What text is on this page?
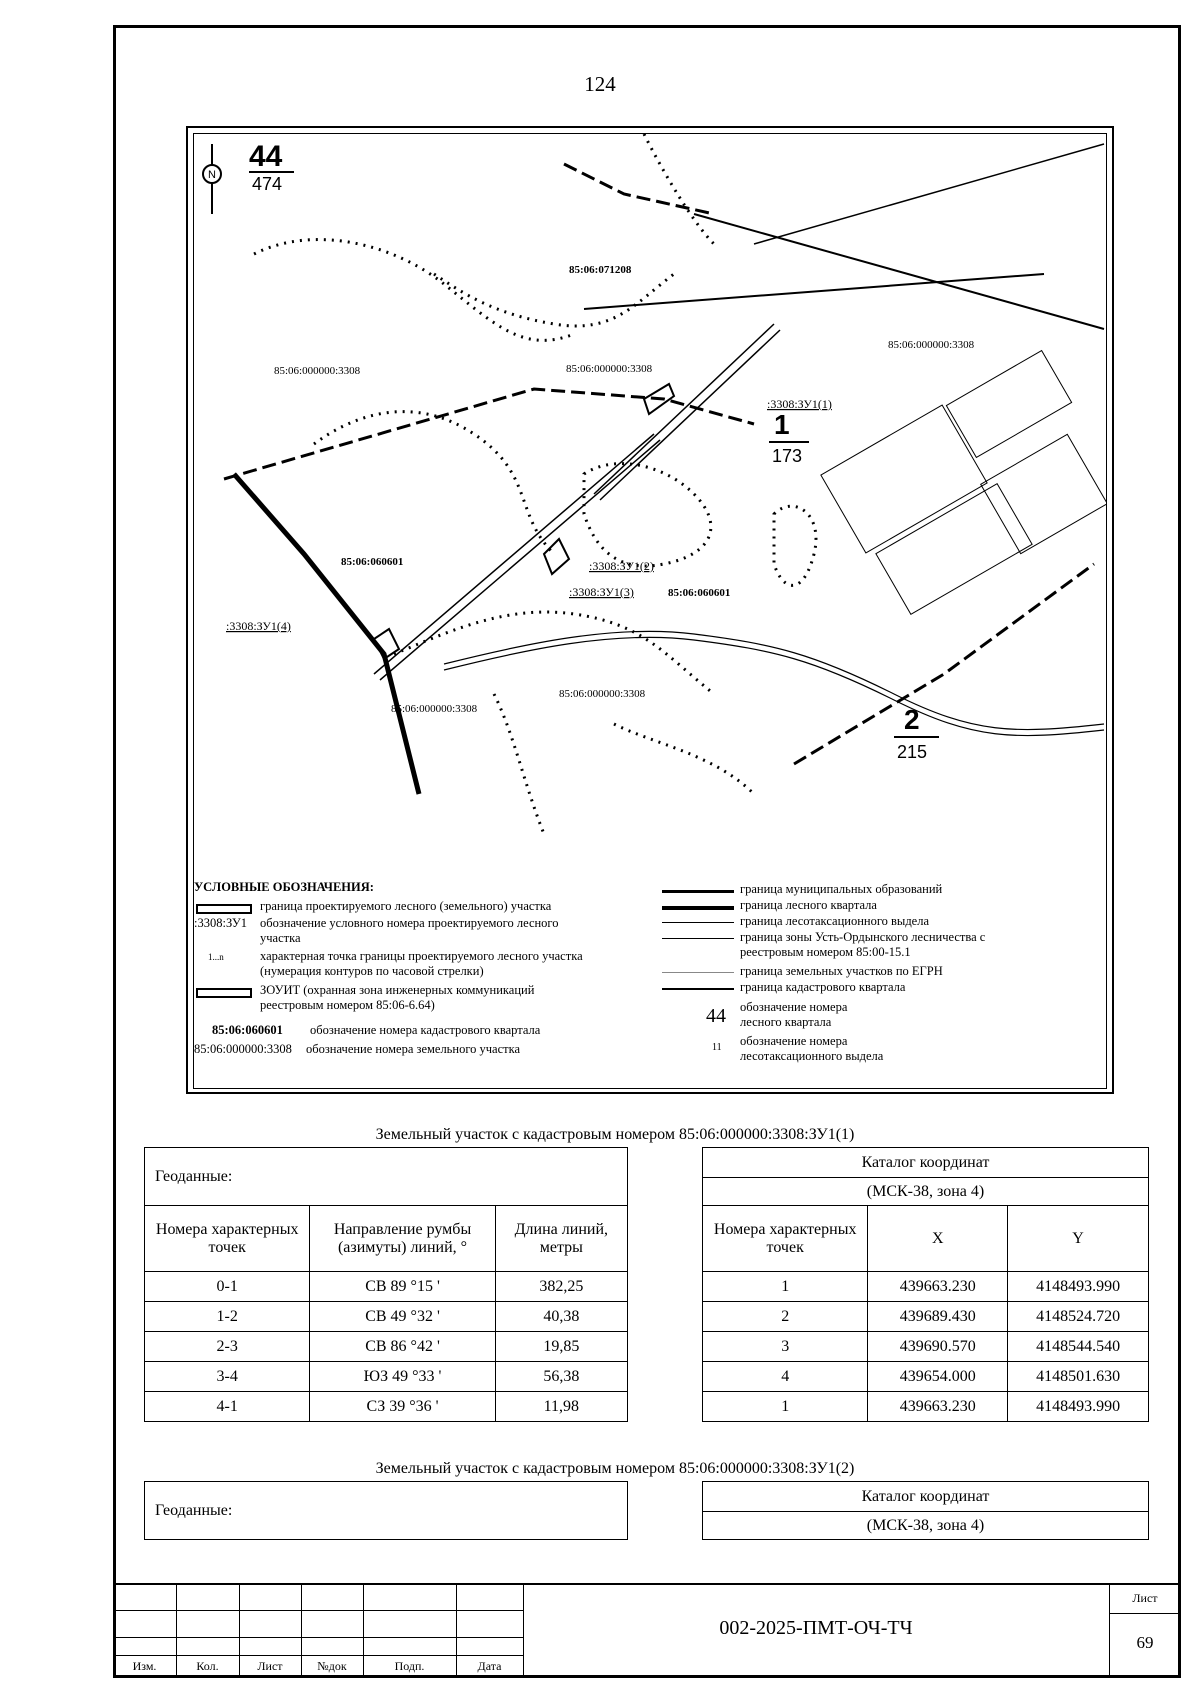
124
N
44
474
1
173
2
215
85:06:071208
85:06:000000:3308	85:06:000000:3308
85:06:000000:3308
85:06:000000:3308
85:06:000000:3308
85:06:060601
85:06:060601
:3308:ЗУ1(1)
:3308:ЗУ1(2)
:3308:ЗУ1(3)
:3308:ЗУ1(4)
УСЛОВНЫЕ ОБОЗНАЧЕНИЯ:
граница проектируемого лесного (земельного) участка
:3308:ЗУ1 обозначение условного номера проектируемого лесного участка
1...n	характерная точка границы проектируемого лесного участка (нумерация контуров по часовой стрелки)
ЗОУИТ (охранная зона инженерных коммуникаций реестровым номером 85:06-6.64)
85:06:060601 обозначение номера кадастрового квартала
85:06:000000:3308 обозначение номера земельного участка
граница муниципальных образований
граница лесного квартала
граница лесотаксационного выдела
граница зоны Усть-Ордынского лесничества с реестровым номером 85:00-15.1
граница земельных участков по ЕГРН
граница кадастрового квартала
44 обозначение номера лесного квартала
11 обозначение номера лесотаксационного выдела
Земельный участок с кадастровым номером 85:06:000000:3308:ЗУ1(1)
Геоданные:		
Номера характерных точек	Направление румбы (азимуты) линий, °	Длина линий, метры
0-1	СВ 89 °15 '	382,25
1-2	СВ 49 °32 '	40,38
2-3	СВ 86 °42 '	19,85
3-4	ЮЗ 49 °33 '	56,38
4-1	СЗ 39 °36 '	11,98
Каталог координат		
(МСК-38, зона 4)		
Номера характерных точек	X	Y
1	439663.230	4148493.990
2	439689.430	4148524.720
3	439690.570	4148544.540
4	439654.000	4148501.630
1	439663.230	4148493.990
Земельный участок с кадастровым номером 85:06:000000:3308:ЗУ1(2)
Геоданные:
Каталог координат
(МСК-38, зона 4)
Изм.	Кол.	Лист	№док	Подп.	Дата
002-2025-ПМТ-ОЧ-ТЧ
Лист
69
